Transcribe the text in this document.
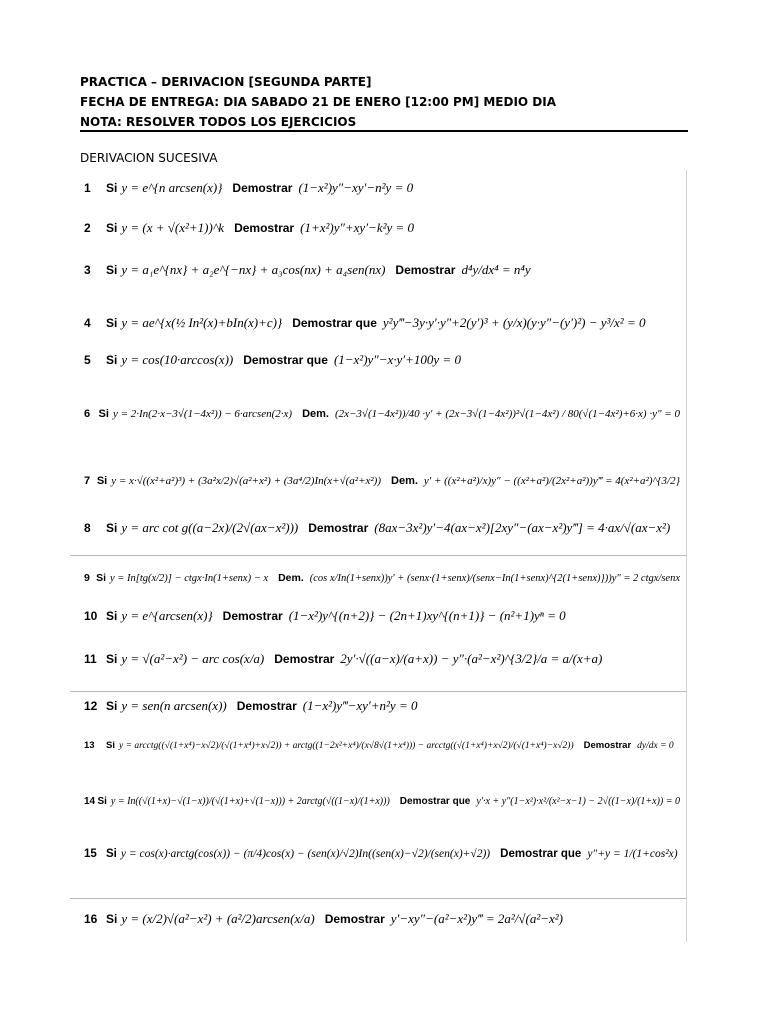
PRACTICA – DERIVACION [SEGUNDA PARTE]
FECHA DE ENTREGA: DIA SABADO 21 DE ENERO [12:00 PM] MEDIO DIA
NOTA: RESOLVER TODOS LOS EJERCICIOS
DERIVACION SUCESIVA
1	Si y = e^{n arcsen(x)} Demostrar (1−x²)y″−xy′−n²y = 0
2	Si y = (x + √(x²+1))^k Demostrar (1+x²)y″+xy′−k²y = 0
3	Si y = a₁e^{nx} + a₂e^{−nx} + a₃cos(nx) + a₄sen(nx) Demostrar d⁴y/dx⁴ = n⁴y
4	Si y = ae^{x(½ In²(x)+bIn(x)+c)} Demostrar que y²y‴−3y·y′·y″+2(y′)³ + (y/x)(y·y″−(y′)²) − y³/x² = 0
5	Si y = cos(10·arccos(x)) Demostrar que (1−x²)y″−x·y′+100y = 0
6 Si y = 2·In(2·x−3√(1−4x²)) − 6·arcsen(2·x) Dem. (2x−3√(1−4x²))/40 ·y′ + (2x−3√(1−4x²))²√(1−4x²) / 80(√(1−4x²)+6·x) ·y″ = 0
7 Si y = x·√((x²+a²)³) + (3a²x/2)√(a²+x²) + (3a⁴/2)In(x+√(a²+x²)) Dem. y′ + ((x²+a²)/x)y″ − ((x²+a²)/(2x²+a²))y‴ = 4(x²+a²)^{3/2}
8	Si y = arc cot g((a−2x)/(2√(ax−x²))) Demostrar (8ax−3x²)y′−4(ax−x²)[2xy″−(ax−x²)y‴] = 4·ax/√(ax−x²)
9 Si y = In[tg(x/2)] − ctgx·In(1+senx) − x Dem. (cos x/In(1+senx))y′ + (senx·(1+senx)/(senx−In(1+senx)^{2(1+senx)}))y″ = 2 ctgx/senx
10 Si y = e^{arcsen(x)} Demostrar (1−x²)y^{(n+2)} − (2n+1)xy^{(n+1)} − (n²+1)yⁿ = 0
11 Si y = √(a²−x²) − arc cos(x/a) Demostrar 2y′·√((a−x)/(a+x)) − y″·(a²−x²)^{3/2}/a = a/(x+a)
12 Si y = sen(n arcsen(x)) Demostrar (1−x²)y‴−xy′+n²y = 0
13	Si y = arcctg((√(1+x⁴)−x√2)/(√(1+x⁴)+x√2)) + arctg((1−2x²+x⁴)/(x√8√(1+x⁴))) − arcctg((√(1+x⁴)+x√2)/(√(1+x⁴)−x√2)) Demostrar dy/dx = 0
14 Si y = In((√(1+x)−√(1−x))/(√(1+x)+√(1−x))) + 2arctg(√((1−x)/(1+x))) Demostrar que y′·x + y″(1−x²)·x²/(x²−x−1) − 2√((1−x)/(1+x)) = 0
15 Si y = cos(x)·arctg(cos(x)) − (π/4)cos(x) − (sen(x)/√2)In((sen(x)−√2)/(sen(x)+√2)) Demostrar que y″+y = 1/(1+cos²x)
16 Si y = (x/2)√(a²−x²) + (a²/2)arcsen(x/a) Demostrar y′−xy″−(a²−x²)y‴ = 2a²/√(a²−x²)
